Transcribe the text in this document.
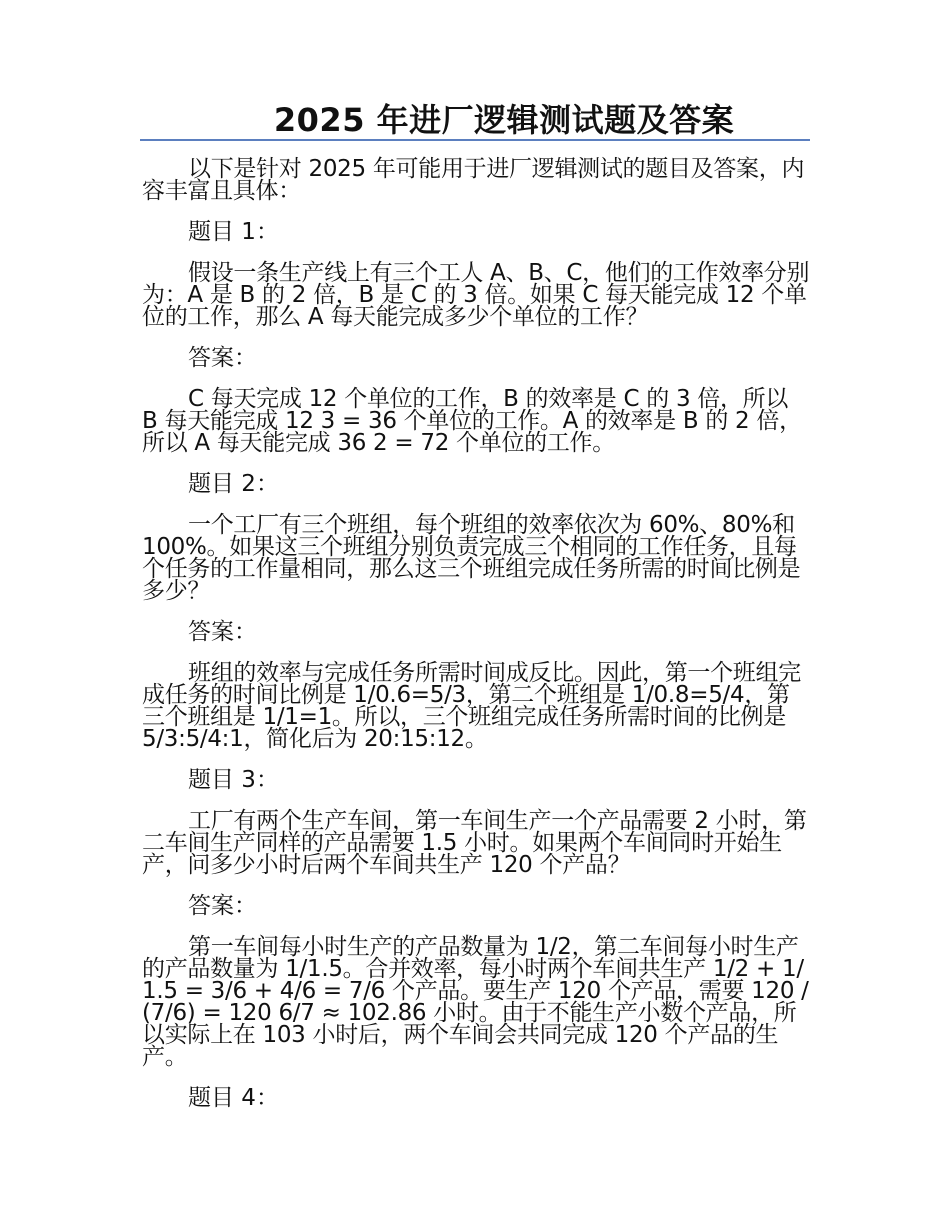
2025 年进厂逻辑测试题及答案

以下是针对 2025 年可能用于进厂逻辑测试的题目及答案，内容丰富且具体：

题目 1：

假设一条生产线上有三个工人 A、B、C，他们的工作效率分别为：A 是 B 的 2 倍，B 是 C 的 3 倍。如果 C 每天能完成 12 个单位的工作，那么 A 每天能完成多少个单位的工作？

答案：

C 每天完成 12 个单位的工作，B 的效率是 C 的 3 倍，所以 B 每天能完成 12 3 = 36 个单位的工作。A 的效率是 B 的 2 倍，所以 A 每天能完成 36 2 = 72 个单位的工作。

题目 2：

一个工厂有三个班组，每个班组的效率依次为 60%、80%和 100%。如果这三个班组分别负责完成三个相同的工作任务，且每个任务的工作量相同，那么这三个班组完成任务所需的时间比例是多少？

答案：

班组的效率与完成任务所需时间成反比。因此，第一个班组完成任务的时间比例是 1/0.6=5/3，第二个班组是 1/0.8=5/4，第三个班组是 1/1=1。所以，三个班组完成任务所需时间的比例是 5/3:5/4:1，简化后为 20:15:12。

题目 3：

工厂有两个生产车间，第一车间生产一个产品需要 2 小时，第二车间生产同样的产品需要 1.5 小时。如果两个车间同时开始生产，问多少小时后两个车间共生产 120 个产品？

答案：

第一车间每小时生产的产品数量为 1/2，第二车间每小时生产的产品数量为 1/1.5。合并效率，每小时两个车间共生产 1/2 + 1/1.5 = 3/6 + 4/6 = 7/6 个产品。要生产 120 个产品，需要 120 / (7/6) = 120 6/7 ≈ 102.86 小时。由于不能生产小数个产品，所以实际上在 103 小时后，两个车间会共同完成 120 个产品的生产。

题目 4：
